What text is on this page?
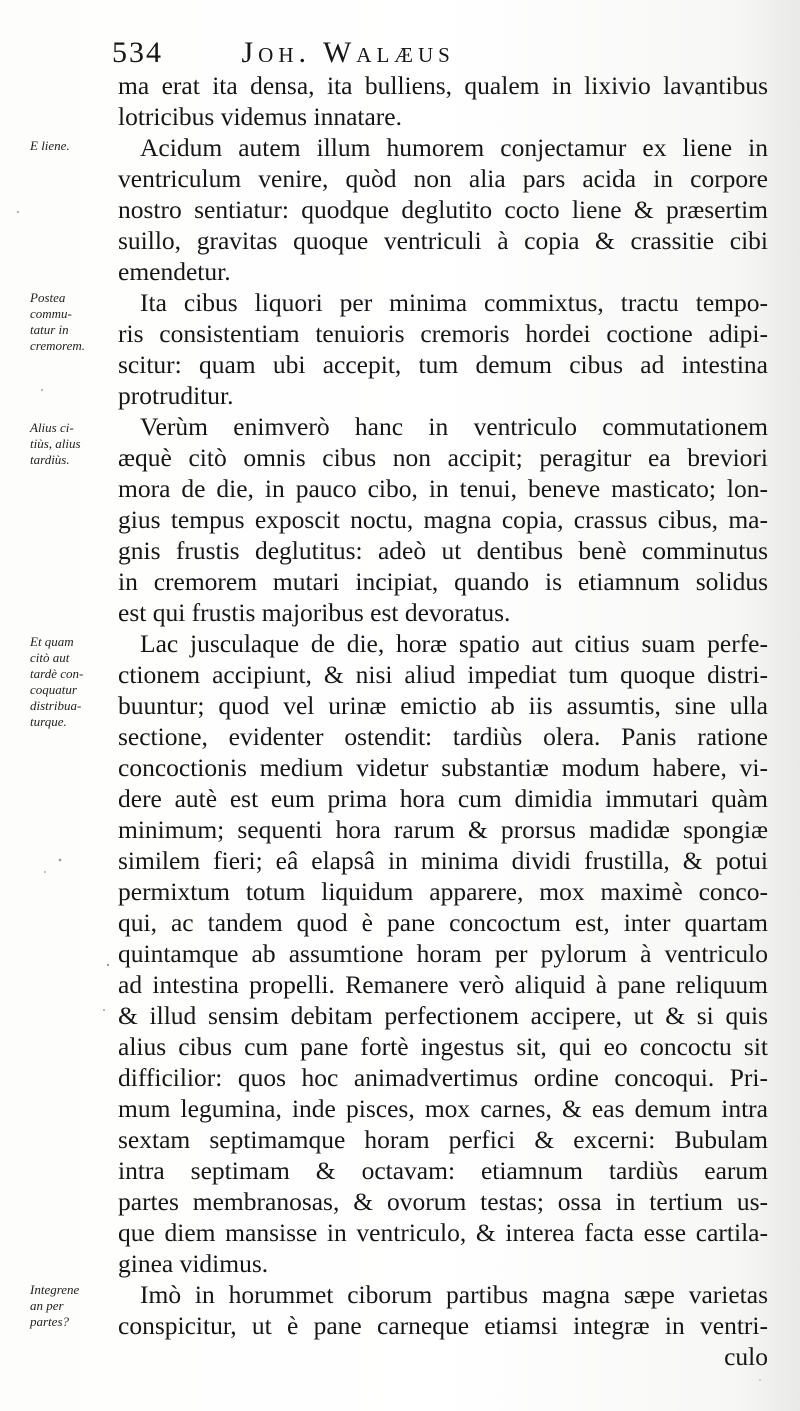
534	Joh. Walæus
ma erat ita densa, ita bulliens, qualem in lixivio lavantibus
lotricibus videmus innatare.
Acidum autem illum humorem conjectamur ex liene in
ventriculum venire, quòd non alia pars acida in corpore
nostro sentiatur: quodque deglutito cocto liene & præsertim
suillo, gravitas quoque ventriculi à copia & crassitie cibi
emendetur.
Ita cibus liquori per minima commixtus, tractu tempo-
ris consistentiam tenuioris cremoris hordei coctione adipi-
scitur: quam ubi accepit, tum demum cibus ad intestina
protruditur.
Verùm enimverò hanc in ventriculo commutationem
æquè citò omnis cibus non accipit; peragitur ea breviori
mora de die, in pauco cibo, in tenui, beneve masticato; lon-
gius tempus exposcit noctu, magna copia, crassus cibus, ma-
gnis frustis deglutitus: adeò ut dentibus benè comminutus
in cremorem mutari incipiat, quando is etiamnum solidus
est qui frustis majoribus est devoratus.
Lac jusculaque de die, horæ spatio aut citius suam perfe-
ctionem accipiunt, & nisi aliud impediat tum quoque distri-
buuntur; quod vel urinæ emictio ab iis assumtis, sine ulla
sectione, evidenter ostendit: tardiùs olera. Panis ratione
concoctionis medium videtur substantiæ modum habere, vi-
dere autè est eum prima hora cum dimidia immutari quàm
minimum; sequenti hora rarum & prorsus madidæ spongiæ
similem fieri; eâ elapsâ in minima dividi frustilla, & potui
permixtum totum liquidum apparere, mox maximè conco-
qui, ac tandem quod è pane concoctum est, inter quartam
quintamque ab assumtione horam per pylorum à ventriculo
ad intestina propelli. Remanere verò aliquid à pane reliquum
& illud sensim debitam perfectionem accipere, ut & si quis
alius cibus cum pane fortè ingestus sit, qui eo concoctu sit
difficilior: quos hoc animadvertimus ordine concoqui. Pri-
mum legumina, inde pisces, mox carnes, & eas demum intra
sextam septimamque horam perfici & excerni: Bubulam
intra septimam & octavam: etiamnum tardiùs earum
partes membranosas, & ovorum testas; ossa in tertium us-
que diem mansisse in ventriculo, & interea facta esse cartila-
ginea vidimus.
Imò in horummet ciborum partibus magna sæpe varietas
conspicitur, ut è pane carneque etiamsi integræ in ventri-
culo
E liene.
Postea
commu-
tatur in
cremorem.
Alius ci-
tiùs, alius
tardiùs.
Et quam
citò aut
tardè con-
coquatur
distribua-
turque.
Integrene
an per
partes?
